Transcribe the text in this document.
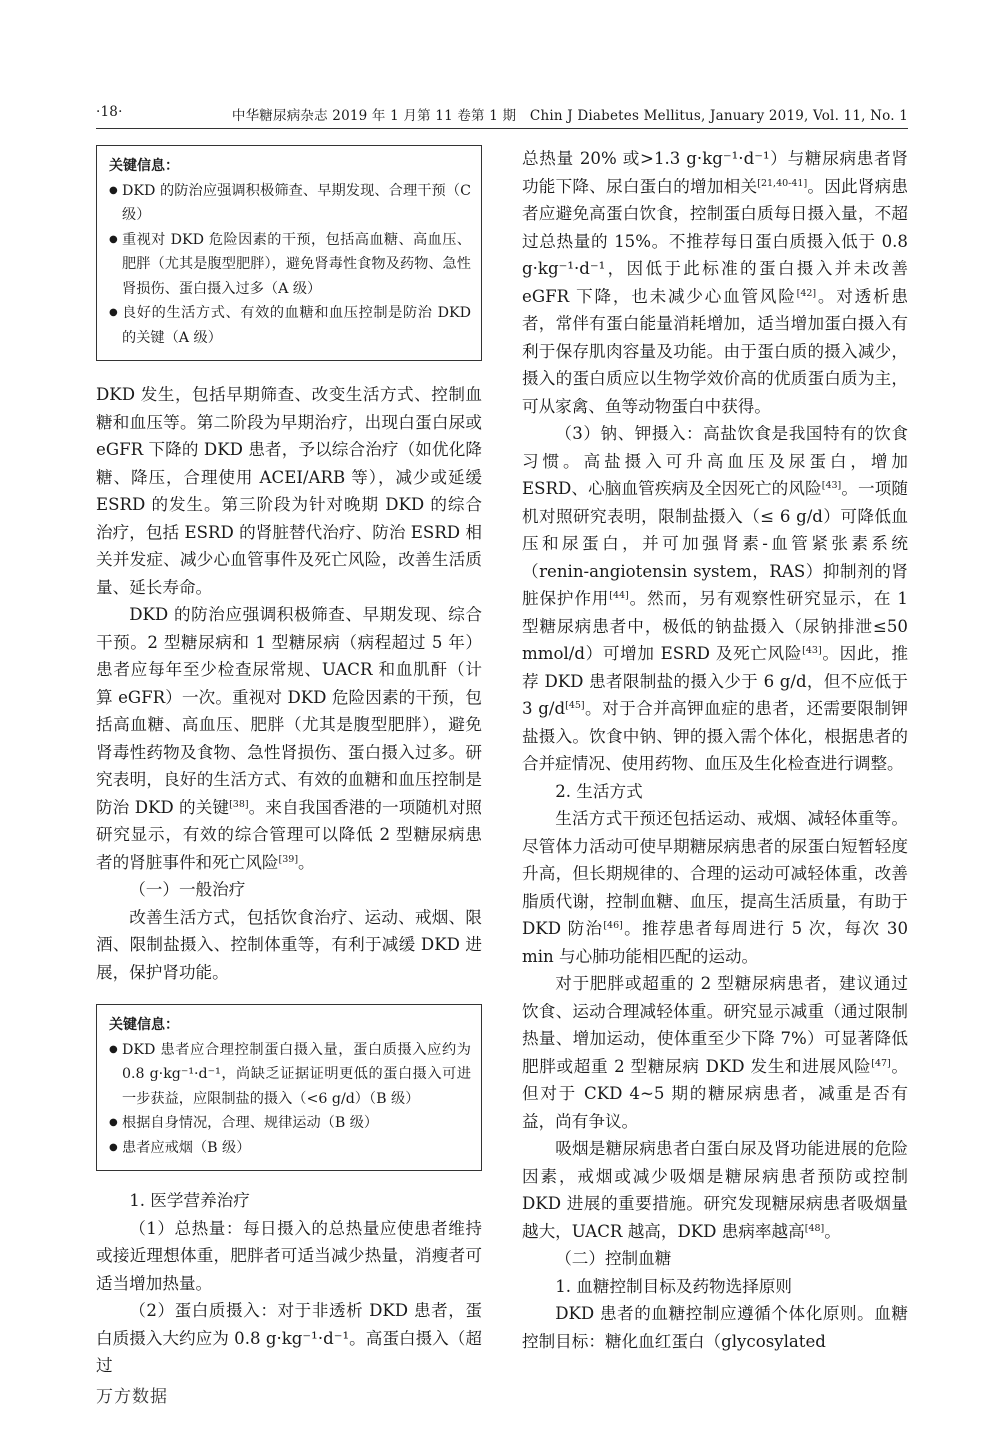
·18·	中华糖尿病杂志 2019 年 1 月第 11 卷第 1 期　Chin J Diabetes Mellitus, January 2019, Vol. 11, No. 1
关键信息：
● DKD 的防治应强调积极筛查、早期发现、合理干预（C 级）
● 重视对 DKD 危险因素的干预，包括高血糖、高血压、肥胖（尤其是腹型肥胖），避免肾毒性食物及药物、急性肾损伤、蛋白摄入过多（A 级）
● 良好的生活方式、有效的血糖和血压控制是防治 DKD 的关键（A 级）

DKD 发生，包括早期筛查、改变生活方式、控制血糖和血压等。第二阶段为早期治疗，出现白蛋白尿或 eGFR 下降的 DKD 患者，予以综合治疗（如优化降糖、降压，合理使用 ACEI/ARB 等），减少或延缓 ESRD 的发生。第三阶段为针对晚期 DKD 的综合治疗，包括 ESRD 的肾脏替代治疗、防治 ESRD 相关并发症、减少心血管事件及死亡风险，改善生活质量、延长寿命。

DKD 的防治应强调积极筛查、早期发现、综合干预。2 型糖尿病和 1 型糖尿病（病程超过 5 年）患者应每年至少检查尿常规、UACR 和血肌酐（计算 eGFR）一次。重视对 DKD 危险因素的干预，包括高血糖、高血压、肥胖（尤其是腹型肥胖），避免肾毒性药物及食物、急性肾损伤、蛋白摄入过多。研究表明，良好的生活方式、有效的血糖和血压控制是防治 DKD 的关键[38]。来自我国香港的一项随机对照研究显示，有效的综合管理可以降低 2 型糖尿病患者的肾脏事件和死亡风险[39]。

（一）一般治疗

改善生活方式，包括饮食治疗、运动、戒烟、限酒、限制盐摄入、控制体重等，有利于减缓 DKD 进展，保护肾功能。

关键信息：
● DKD 患者应合理控制蛋白摄入量，蛋白质摄入应约为 0.8 g·kg⁻¹·d⁻¹，尚缺乏证据证明更低的蛋白摄入可进一步获益，应限制盐的摄入（<6 g/d）（B 级）
● 根据自身情况，合理、规律运动（B 级）
● 患者应戒烟（B 级）

1. 医学营养治疗

（1）总热量：每日摄入的总热量应使患者维持或接近理想体重，肥胖者可适当减少热量，消瘦者可适当增加热量。

（2）蛋白质摄入：对于非透析 DKD 患者，蛋白质摄入大约应为 0.8 g·kg⁻¹·d⁻¹。高蛋白摄入（超过

总热量 20% 或>1.3 g·kg⁻¹·d⁻¹）与糖尿病患者肾功能下降、尿白蛋白的增加相关[21,40-41]。因此肾病患者应避免高蛋白饮食，控制蛋白质每日摄入量，不超过总热量的 15%。不推荐每日蛋白质摄入低于 0.8 g·kg⁻¹·d⁻¹，因低于此标准的蛋白摄入并未改善 eGFR 下降，也未减少心血管风险[42]。对透析患者，常伴有蛋白能量消耗增加，适当增加蛋白摄入有利于保存肌肉容量及功能。由于蛋白质的摄入减少，摄入的蛋白质应以生物学效价高的优质蛋白质为主，可从家禽、鱼等动物蛋白中获得。

（3）钠、钾摄入：高盐饮食是我国特有的饮食习惯。高盐摄入可升高血压及尿蛋白，增加 ESRD、心脑血管疾病及全因死亡的风险[43]。一项随机对照研究表明，限制盐摄入（≤ 6 g/d）可降低血压和尿蛋白，并可加强肾素-血管紧张素系统（renin-angiotensin system，RAS）抑制剂的肾脏保护作用[44]。然而，另有观察性研究显示，在 1 型糖尿病患者中，极低的钠盐摄入（尿钠排泄≤50 mmol/d）可增加 ESRD 及死亡风险[43]。因此，推荐 DKD 患者限制盐的摄入少于 6 g/d，但不应低于 3 g/d[45]。对于合并高钾血症的患者，还需要限制钾盐摄入。饮食中钠、钾的摄入需个体化，根据患者的合并症情况、使用药物、血压及生化检查进行调整。

2. 生活方式

生活方式干预还包括运动、戒烟、减轻体重等。尽管体力活动可使早期糖尿病患者的尿蛋白短暂轻度升高，但长期规律的、合理的运动可减轻体重，改善脂质代谢，控制血糖、血压，提高生活质量，有助于 DKD 防治[46]。推荐患者每周进行 5 次，每次 30 min 与心肺功能相匹配的运动。

对于肥胖或超重的 2 型糖尿病患者，建议通过饮食、运动合理减轻体重。研究显示减重（通过限制热量、增加运动，使体重至少下降 7%）可显著降低肥胖或超重 2 型糖尿病 DKD 发生和进展风险[47]。但对于 CKD 4~5 期的糖尿病患者，减重是否有益，尚有争议。

吸烟是糖尿病患者白蛋白尿及肾功能进展的危险因素，戒烟或减少吸烟是糖尿病患者预防或控制 DKD 进展的重要措施。研究发现糖尿病患者吸烟量越大，UACR 越高，DKD 患病率越高[48]。

（二）控制血糖

1. 血糖控制目标及药物选择原则

DKD 患者的血糖控制应遵循个体化原则。血糖控制目标：糖化血红蛋白（glycosylated

万方数据
